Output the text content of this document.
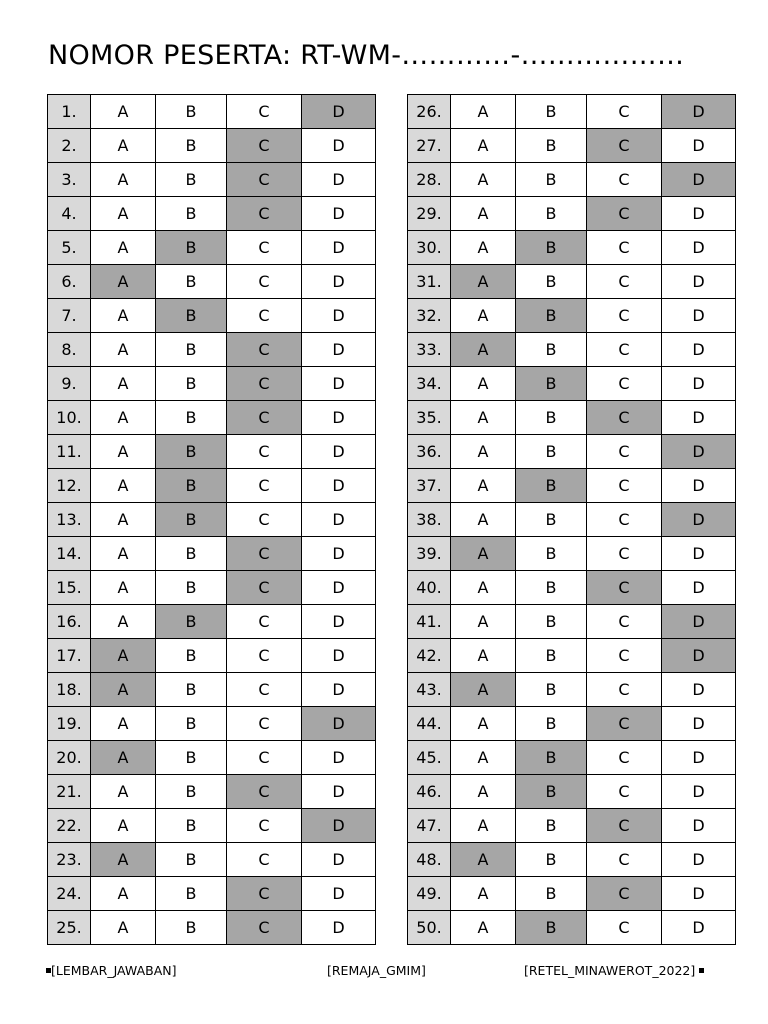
NOMOR PESERTA: RT-WM-…………-………………
1.	A	B	C	D
2.	A	B	C	D
3.	A	B	C	D
4.	A	B	C	D
5.	A	B	C	D
6.	A	B	C	D
7.	A	B	C	D
8.	A	B	C	D
9.	A	B	C	D
10.	A	B	C	D
11.	A	B	C	D
12.	A	B	C	D
13.	A	B	C	D
14.	A	B	C	D
15.	A	B	C	D
16.	A	B	C	D
17.	A	B	C	D
18.	A	B	C	D
19.	A	B	C	D
20.	A	B	C	D
21.	A	B	C	D
22.	A	B	C	D
23.	A	B	C	D
24.	A	B	C	D
25.	A	B	C	D
26.	A	B	C	D
27.	A	B	C	D
28.	A	B	C	D
29.	A	B	C	D
30.	A	B	C	D
31.	A	B	C	D
32.	A	B	C	D
33.	A	B	C	D
34.	A	B	C	D
35.	A	B	C	D
36.	A	B	C	D
37.	A	B	C	D
38.	A	B	C	D
39.	A	B	C	D
40.	A	B	C	D
41.	A	B	C	D
42.	A	B	C	D
43.	A	B	C	D
44.	A	B	C	D
45.	A	B	C	D
46.	A	B	C	D
47.	A	B	C	D
48.	A	B	C	D
49.	A	B	C	D
50.	A	B	C	D
[LEMBAR_JAWABAN]	[REMAJA_GMIM]	[RETEL_MINAWEROT_2022]
